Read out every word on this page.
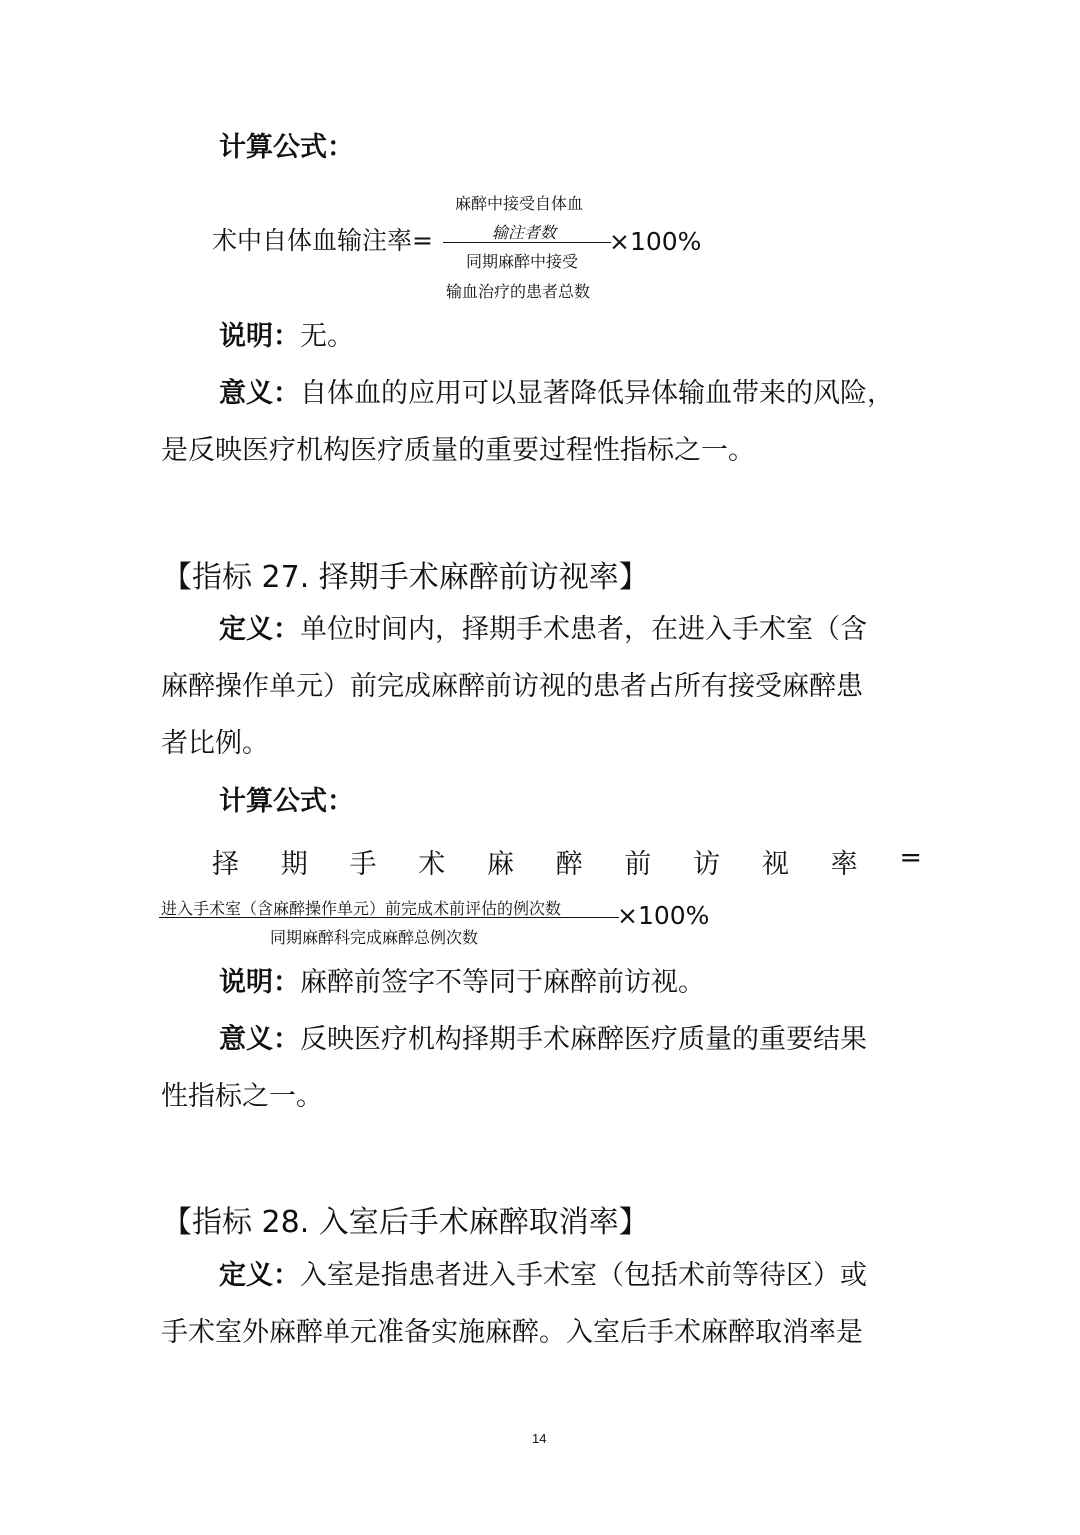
计算公式：
术中自体血输注率=
麻醉中接受自体血
输注者数 ×100%
同期麻醉中接受
输血治疗的患者总数
说明：无。
意义：自体血的应用可以显著降低异体输血带来的风险，
是反映医疗机构医疗质量的重要过程性指标之一。
【指标 27. 择期手术麻醉前访视率】
定义：单位时间内，择期手术患者，在进入手术室（含
麻醉操作单元）前完成麻醉前访视的患者占所有接受麻醉患
者比例。
计算公式：
择 期 手 术 麻 醉 前 访 视 率 =
进入手术室（含麻醉操作单元）前完成术前评估的例次数 ×100%
同期麻醉科完成麻醉总例次数
说明：麻醉前签字不等同于麻醉前访视。
意义：反映医疗机构择期手术麻醉医疗质量的重要结果
性指标之一。
【指标 28. 入室后手术麻醉取消率】
定义：入室是指患者进入手术室（包括术前等待区）或
手术室外麻醉单元准备实施麻醉。入室后手术麻醉取消率是
14
